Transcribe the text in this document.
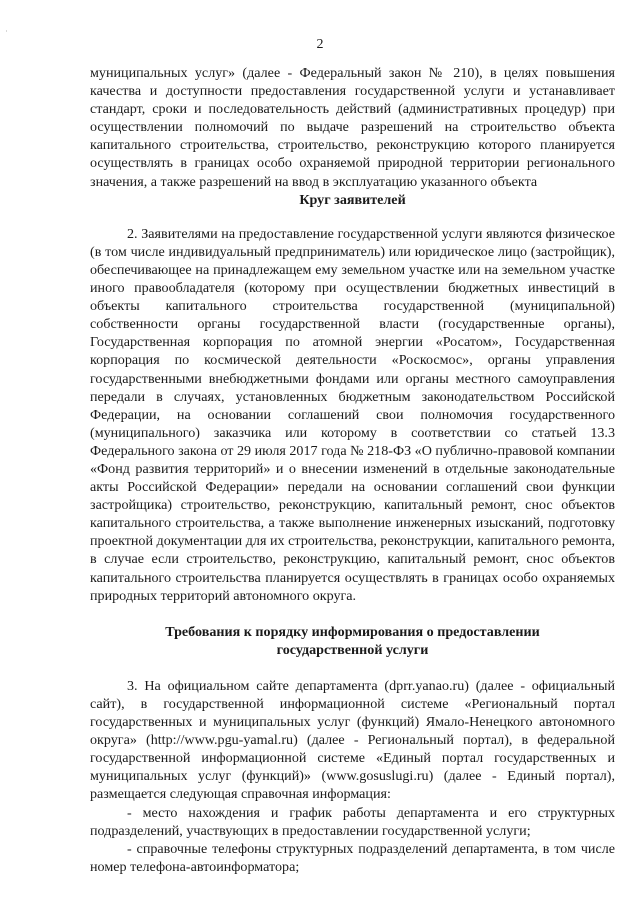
2

муниципальных услуг» (далее - Федеральный закон № 210), в целях повышения качества и доступности предоставления государственной услуги и устанавливает стандарт, сроки и последовательность действий (административных процедур) при осуществлении полномочий по выдаче разрешений на строительство объекта капитального строительства, строительство, реконструкцию которого планируется осуществлять в границах особо охраняемой природной территории регионального значения, а также разрешений на ввод в эксплуатацию указанного объекта

Круг заявителей

2. Заявителями на предоставление государственной услуги являются физическое (в том числе индивидуальный предприниматель) или юридическое лицо (застройщик), обеспечивающее на принадлежащем ему земельном участке или на земельном участке иного правообладателя (которому при осуществлении бюджетных инвестиций в объекты капитального строительства государственной (муниципальной) собственности органы государственной власти (государственные органы), Государственная корпорация по атомной энергии «Росатом», Государственная корпорация по космической деятельности «Роскосмос», органы управления государственными внебюджетными фондами или органы местного самоуправления передали в случаях, установленных бюджетным законодательством Российской Федерации, на основании соглашений свои полномочия государственного (муниципального) заказчика или которому в соответствии со статьей 13.3 Федерального закона от 29 июля 2017 года № 218-ФЗ «О публично-правовой компании «Фонд развития территорий» и о внесении изменений в отдельные законодательные акты Российской Федерации» передали на основании соглашений свои функции застройщика) строительство, реконструкцию, капитальный ремонт, снос объектов капитального строительства, а также выполнение инженерных изысканий, подготовку проектной документации для их строительства, реконструкции, капитального ремонта, в случае если строительство, реконструкцию, капитальный ремонт, снос объектов капитального строительства планируется осуществлять в границах особо охраняемых природных территорий автономного округа.

Требования к порядку информирования о предоставлении государственной услуги

3. На официальном сайте департамента (dprr.yanao.ru) (далее - официальный сайт), в государственной информационной системе «Региональный портал государственных и муниципальных услуг (функций) Ямало-Ненецкого автономного округа» (http://www.pgu-yamal.ru) (далее - Региональный портал), в федеральной государственной информационной системе «Единый портал государственных и муниципальных услуг (функций)» (www.gosuslugi.ru) (далее - Единый портал), размещается следующая справочная информация:

- место нахождения и график работы департамента и его структурных подразделений, участвующих в предоставлении государственной услуги;

- справочные телефоны структурных подразделений департамента, в том числе номер телефона-автоинформатора;
